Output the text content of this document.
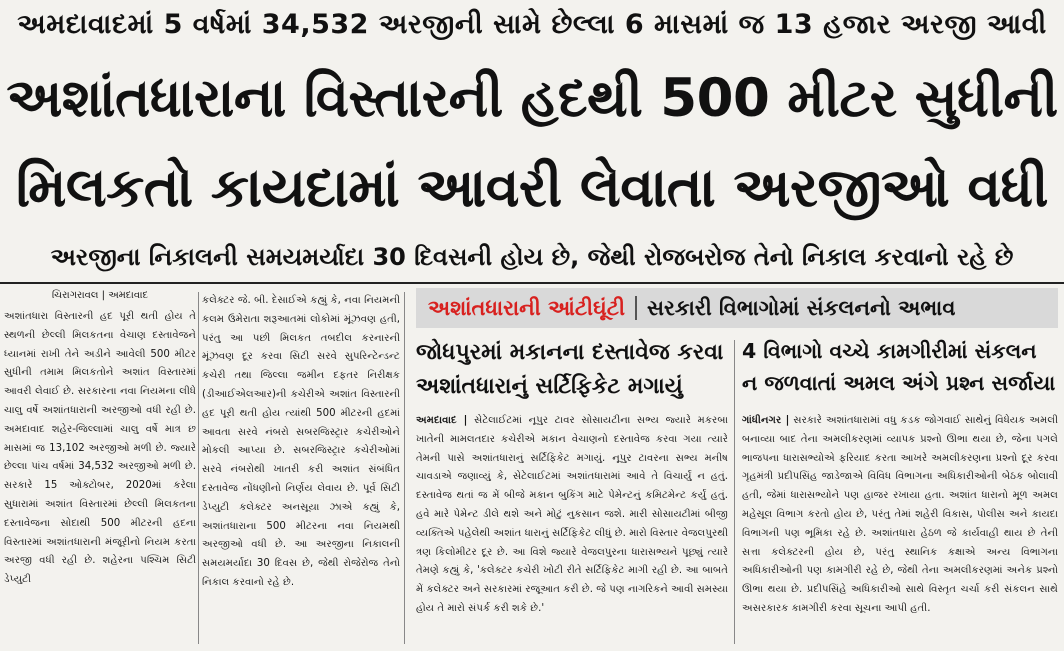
અમદાવાદમાં 5 વર્ષમાં 34,532 અરજીની સામે છેલ્લા 6 માસમાં જ 13 હજાર અરજી આવી
અશાંતધારાના વિસ્તારની હદથી 500 મીટર સુધીની
મિલકતો કાયદામાં આવરી લેવાતા અરજીઓ વધી
અરજીના નિકાલની સમયમર્યાદા 30 દિવસની હોય છે, જેથી રોજબરોજ તેનો નિકાલ કરવાનો રહે છે
ચિરાગરાવલ | અમદાવાદ
અશાંતધારા વિસ્તારની હદ પૂરી થતી હોય તે સ્થળની છેલ્લી મિલકતના વેચાણ દસ્તાવેજને ધ્યાનમાં રાખી તેને અડીને આવેલી 500 મીટર સુધીની તમામ મિલકતોને અશાંત વિસ્તારમાં આવરી લેવાઈ છે. સરકારના નવા નિયમના લીધે ચાલુ વર્ષે અશાંતધારાની અરજીઓ વધી રહી છે. અમદાવાદ શહેર-જિલ્લામાં ચાલુ વર્ષે માત્ર છ માસમાં જ 13,102 અરજીઓ મળી છે. જ્યારે છેલ્લા પાંચ વર્ષમાં 34,532 અરજીઓ મળી છે. સરકારે 15 ઓક્ટોબર, 2020માં કરેલા સુધારામાં અશાંત વિસ્તારમાં છેલ્લી મિલકતના દસ્તાવેજના સોદાથી 500 મીટરની હદના વિસ્તારમાં અશાંતધારાની મંજૂરીનો નિયમ કરતા અરજી વધી રહી છે. શહેરના પશ્ચિમ સિટી ડેપ્યુટી
કલેક્ટર જે. બી. દેસાઈએ કહ્યું કે, નવા નિયમની કલમ ઉમેરાતા શરૂઆતમાં લોકોમાં મૂંઝવણ હતી, પરંતુ આ પછી મિલકત તબદીલ કરનારની મૂંઝવણ દૂર કરવા સિટી સરવે સુપરિન્ટેન્ડન્ટ કચેરી તથા જિલ્લા જમીન દફતર નિરીક્ષક (ડીઆઈએલઆર)ની કચેરીએ અશાંત વિસ્તારની હદ પૂરી થતી હોય ત્યાંથી 500 મીટરની હદમાં આવતા સરવે નંબરો સબરજિસ્ટ્રાર કચેરીઓને મોકલી આપ્યા છે. સબરજિસ્ટ્રાર કચેરીઓમાં સરવે નંબરોથી ખાતરી કરી અશાંત સંબંધિત દસ્તાવેજ નોંધણીનો નિર્ણય લેવાય છે. પૂર્વ સિટી ડેપ્યુટી કલેક્ટર અનસૂયા ઝાએ કહ્યું કે, અશાંતધારાના 500 મીટરના નવા નિયમથી અરજીઓ વધી છે. આ અરજીના નિકાલની સમયમર્યાદા 30 દિવસ છે, જેથી રોજેરોજ તેનો નિકાલ કરવાનો રહે છે.
અશાંતધારાની આંટીઘૂંટી સરકારી વિભાગોમાં સંકલનનો અભાવ
જોધપુરમાં મકાનના દસ્તાવેજ કરવા અશાંતધારાનું સર્ટિફિકેટ મગાયું
4 વિભાગો વચ્ચે કામગીરીમાં સંકલન ન જળવાતાં અમલ અંગે પ્રશ્ન સર્જાયા
અમદાવાદ | સેટેલાઈટમાં નૂપુર ટાવર સોસાયટીના સભ્ય જ્યારે મકરબા ખાતેની મામલતદાર કચેરીએ મકાન વેચાણનો દસ્તાવેજ કરવા ગયા ત્યારે તેમની પાસે અશાંતધારાનું સર્ટિફિકેટ મગાયું. નૂપુર ટાવરના સભ્ય મનીષ ચાવડાએ જણાવ્યું કે, સેટેલાઈટમાં અશાંતધારામાં આવે તે વિચાર્યું ન હતું. દસ્તાવેજ થતાં જ મેં બીજે મકાન બુકિંગ માટે પેમેન્ટનું કમિટમેન્ટ કર્યું હતું. હવે મારે પેમેન્ટ ડીલે થશે અને મોટું નુકસાન જશે. મારી સોસાયટીમાં બીજી વ્યક્તિએ પહેલેથી અશાંત ધારાનું સર્ટિફિકેટ લીધું છે. મારો વિસ્તાર વેજલપુરથી ત્રણ કિલોમીટર દૂર છે. આ વિશે જ્યારે વેજલપુરના ધારાસભ્યને પૂછ્યું ત્યારે તેમણે કહ્યું કે, 'કલેક્ટર કચેરી ખોટી રીતે સર્ટિફિકેટ માગી રહી છે. આ બાબતે મેં કલેક્ટર અને સરકારમાં રજૂઆત કરી છે. જે પણ નાગરિકને આવી સમસ્યા હોય તે મારો સંપર્ક કરી શકે છે.'
ગાંધીનગર | સરકારે અશાંતધારામાં વધુ કડક જોગવાઈ સાથેનું વિધેયક અમલી બનાવ્યા બાદ તેના અમલીકરણમાં વ્યાપક પ્રશ્નો ઊભા થયા છે, જેના પગલે ભાજપના ધારાસભ્યોએ ફરિયાદ કરતા આખરે અમલીકરણના પ્રશ્નો દૂર કરવા ગૃહમંત્રી પ્રદીપસિંહ જાડેજાએ વિવિધ વિભાગના અધિકારીઓની બેઠક બોલાવી હતી, જેમાં ધારાસભ્યોને પણ હાજર રખાયા હતા. અશાંત ધારાનો મૂળ અમલ મહેસૂલ વિભાગ કરતો હોય છે, પરંતુ તેમાં શહેરી વિકાસ, પોલીસ અને કાયદા વિભાગની પણ ભૂમિકા રહે છે. અશાંતધારા હેઠળ જે કાર્યવાહી થાય છે તેની સત્તા કલેક્ટરની હોય છે, પરંતુ સ્થાનિક કક્ષાએ અન્ય વિભાગના અધિકારીઓની પણ કામગીરી રહે છે, જેથી તેના અમલીકરણમાં અનેક પ્રશ્નો ઊભા થયા છે. પ્રદીપસિંહે અધિકારીઓ સાથે વિસ્તૃત ચર્ચા કરી સંકલન સાથે અસરકારક કામગીરી કરવા સૂચના આપી હતી.
